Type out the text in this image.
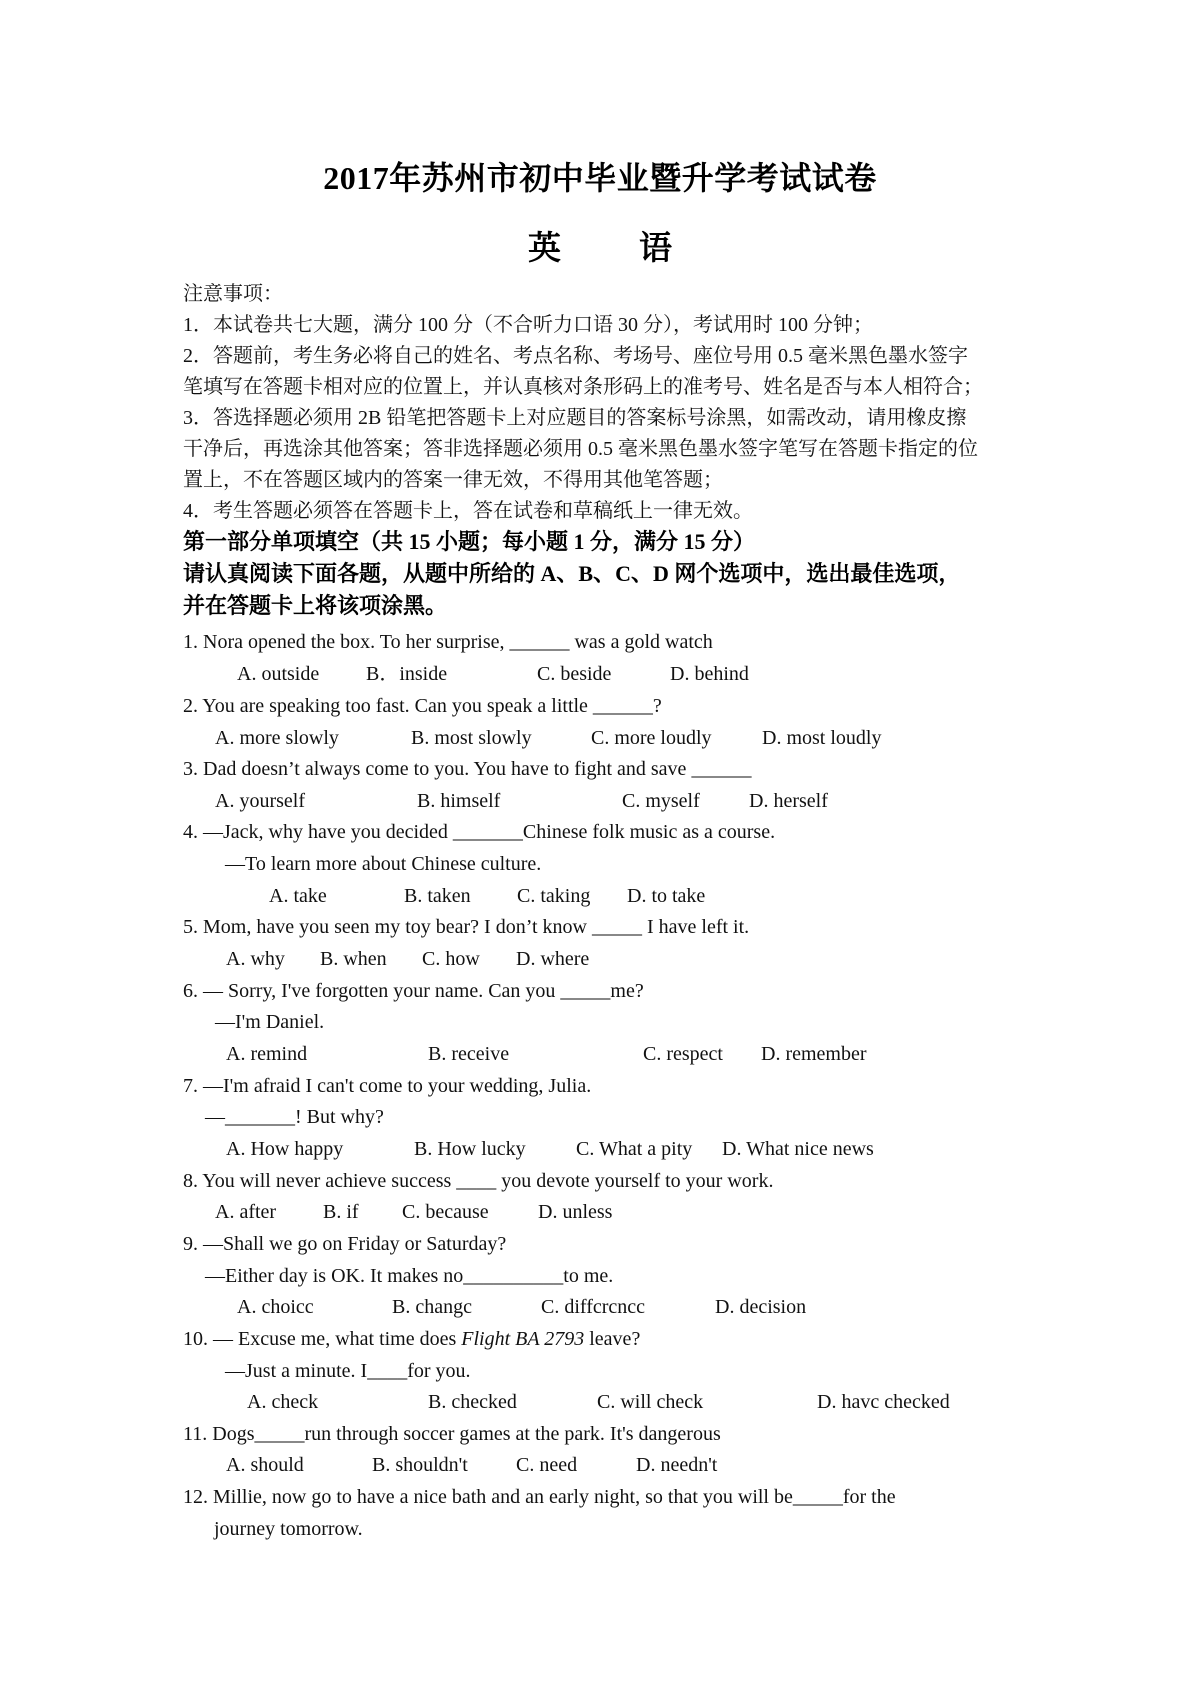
2017年苏州市初中毕业暨升学考试试卷
英 语
注意事项：
1．本试卷共七大题，满分 100 分（不合听力口语 30 分），考试用时 100 分钟；
2．答题前，考生务必将自己的姓名、考点名称、考场号、座位号用 0.5 毫米黑色墨水签字
笔填写在答题卡相对应的位置上，并认真核对条形码上的准考号、姓名是否与本人相符合；
3．答选择题必须用 2B 铅笔把答题卡上对应题目的答案标号涂黑，如需改动，请用橡皮擦
干净后，再选涂其他答案；答非选择题必须用 0.5 毫米黑色墨水签字笔写在答题卡指定的位
置上，不在答题区域内的答案一律无效，不得用其他笔答题；
4．考生答题必须答在答题卡上，答在试卷和草稿纸上一律无效。
第一部分单项填空（共 15 小题；每小题 1 分，满分 15 分）
请认真阅读下面各题，从题中所给的 A、B、C、D 网个选项中，选出最佳选项，
并在答题卡上将该项涂黑。
1. Nora opened the box. To her surprise, ______ was a gold watch
A. outside B．inside	C. beside	D. behind
2. You are speaking too fast. Can you speak a little ______?
A. more slowly	B. most slowly	C. more loudly	D. most loudly
3. Dad doesn’t always come to you. You have to fight and save ______
A. yourself	B. himself	C. myself D. herself
4. —Jack, why have you decided _______Chinese folk music as a course.
—To learn more about Chinese culture.
A. take	B. taken C. taking D. to take
5. Mom, have you seen my toy bear? I don’t know _____ I have left it.
A. why B. when C. how D. where
6. — Sorry, I've forgotten your name. Can you _____me?
—I'm Daniel.
A. remind	B. receive	C. respect D. remember
7. —I'm afraid I can't come to your wedding, Julia.
—_______! But why?
A. How happy	B. How lucky	C. What a pity D. What nice news
8. You will never achieve success ____ you devote yourself to your work.
A. after B. if C. because D. unless
9. —Shall we go on Friday or Saturday?
—Either day is OK. It makes no__________to me.
A. choicc	B. changc	C. diffcrcncc	D. decision
10. — Excuse me, what time does Flight BA 2793 leave?
—Just a minute. I____for you.
A. check	B. checked	C. will check	D. havc checked
11. Dogs_____run through soccer games at the park. It's dangerous
A. should	B. shouldn't C. need	D. needn't
12. Millie, now go to have a nice bath and an early night, so that you will be_____for the
journey tomorrow.
